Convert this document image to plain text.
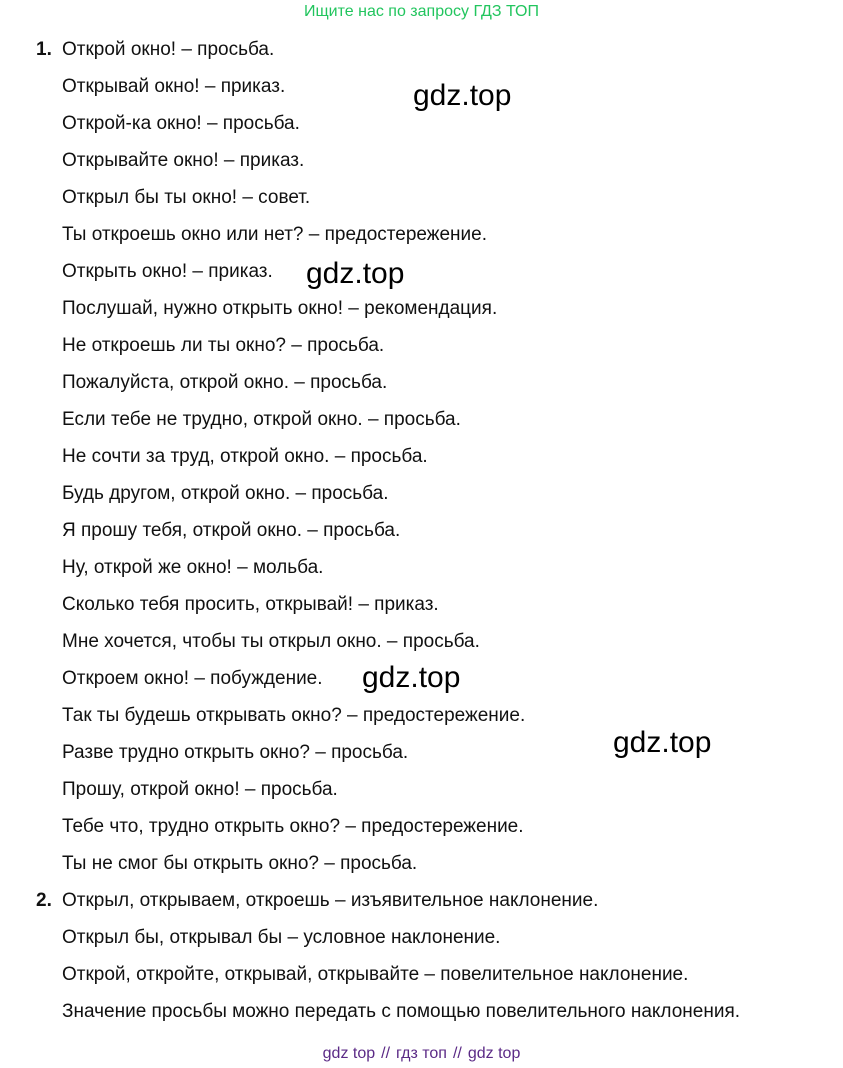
Ищите нас по запросу ГДЗ ТОП
1. Открой окно! – просьба.
Открывай окно! – приказ.
Открой-ка окно! – просьба.
Открывайте окно! – приказ.
Открыл бы ты окно! – совет.
Ты откроешь окно или нет? – предостережение.
Открыть окно! – приказ.
Послушай, нужно открыть окно! – рекомендация.
Не откроешь ли ты окно? – просьба.
Пожалуйста, открой окно. – просьба.
Если тебе не трудно, открой окно. – просьба.
Не сочти за труд, открой окно. – просьба.
Будь другом, открой окно. – просьба.
Я прошу тебя, открой окно. – просьба.
Ну, открой же окно! – мольба.
Сколько тебя просить, открывай! – приказ.
Мне хочется, чтобы ты открыл окно. – просьба.
Откроем окно! – побуждение.
Так ты будешь открывать окно? – предостережение.
Разве трудно открыть окно? – просьба.
Прошу, открой окно! – просьба.
Тебе что, трудно открыть окно? – предостережение.
Ты не смог бы открыть окно? – просьба.
2. Открыл, открываем, откроешь – изъявительное наклонение.
Открыл бы, открывал бы – условное наклонение.
Открой, откройте, открывай, открывайте – повелительное наклонение.
Значение просьбы можно передать с помощью повелительного наклонения.
gdz.top
gdz.top
gdz.top
gdz.top
gdz top // гдз топ // gdz top
